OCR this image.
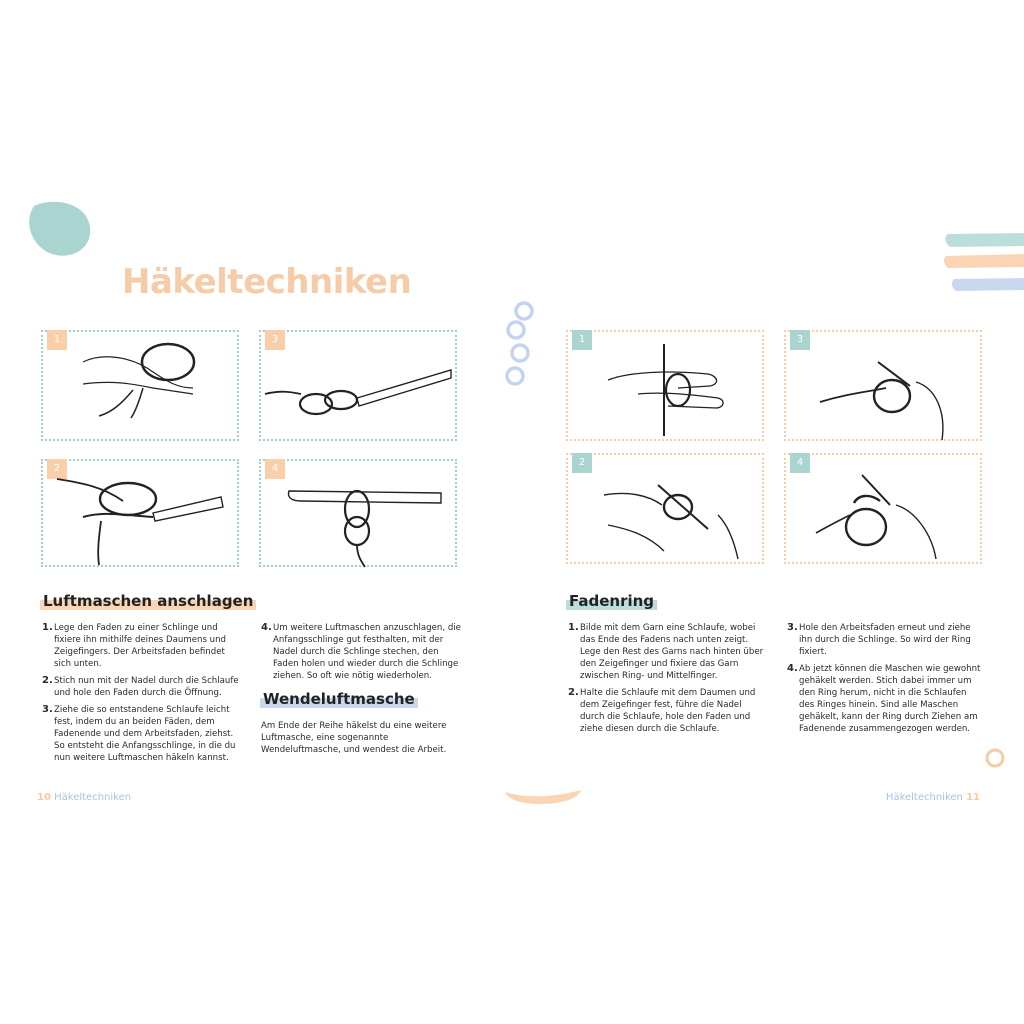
Häkeltechniken
1	3
2	4
1	3
2	4
Luftmaschen anschlagen
1. Lege den Faden zu einer Schlinge und fixiere ihn mithilfe deines Daumens und Zeigefingers. Der Arbeitsfaden befindet sich unten.
2. Stich nun mit der Nadel durch die Schlaufe und hole den Faden durch die Öffnung.
3. Ziehe die so entstandene Schlaufe leicht fest, indem du an beiden Fäden, dem Fadenende und dem Arbeitsfaden, ziehst. So entsteht die Anfangsschlinge, in die du nun weitere Luftmaschen häkeln kannst.
4. Um weitere Luftmaschen anzuschlagen, die Anfangsschlinge gut festhalten, mit der Nadel durch die Schlinge stechen, den Faden holen und wieder durch die Schlinge ziehen. So oft wie nötig wiederholen.
Wendeluftmasche
Am Ende der Reihe häkelst du eine weitere Luftmasche, eine sogenannte Wendeluftmasche, und wendest die Arbeit.
10 Häkeltechniken
Fadenring
1. Bilde mit dem Garn eine Schlaufe, wobei das Ende des Fadens nach unten zeigt. Lege den Rest des Garns nach hinten über den Zeigefinger und fixiere das Garn zwischen Ring- und Mittelfinger.
2. Halte die Schlaufe mit dem Daumen und dem Zeigefinger fest, führe die Nadel durch die Schlaufe, hole den Faden und ziehe diesen durch die Schlaufe.
3. Hole den Arbeitsfaden erneut und ziehe ihn durch die Schlinge. So wird der Ring fixiert.
4. Ab jetzt können die Maschen wie gewohnt gehäkelt werden. Stich dabei immer um den Ring herum, nicht in die Schlaufen des Ringes hinein. Sind alle Maschen gehäkelt, kann der Ring durch Ziehen am Fadenende zusammengezogen werden.
Häkeltechniken 11
